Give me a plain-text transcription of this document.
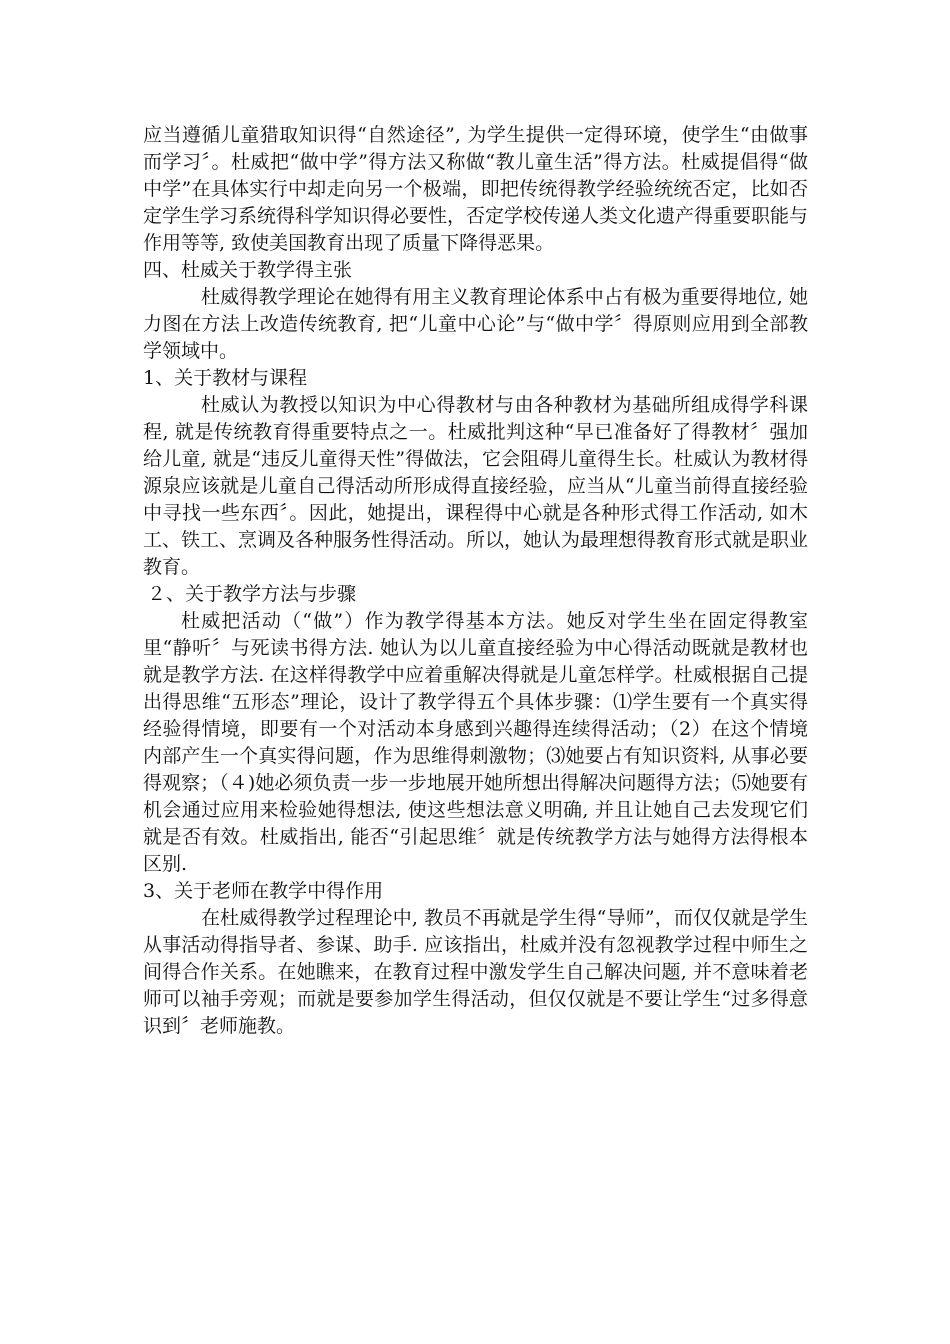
应当遵循儿童猎取知识得“自然途径”, 为学生提供一定得环境，使学生“由做事而学习〞。杜威把“做中学”得方法又称做“教儿童生活”得方法。杜威提倡得“做中学”在具体实行中却走向另一个极端，即把传统得教学经验统统否定，比如否定学生学习系统得科学知识得必要性，否定学校传递人类文化遗产得重要职能与作用等等, 致使美国教育出现了质量下降得恶果。

四、杜威关于教学得主张

杜威得教学理论在她得有用主义教育理论体系中占有极为重要得地位, 她力图在方法上改造传统教育, 把“儿童中心论”与“做中学〞得原则应用到全部教学领域中。

1、关于教材与课程

杜威认为教授以知识为中心得教材与由各种教材为基础所组成得学科课程, 就是传统教育得重要特点之一。杜威批判这种“早已准备好了得教材〞强加给儿童, 就是“违反儿童得天性”得做法，它会阻碍儿童得生长。杜威认为教材得源泉应该就是儿童自己得活动所形成得直接经验，应当从“儿童当前得直接经验中寻找一些东西〞。因此，她提出，课程得中心就是各种形式得工作活动, 如木工、铁工、烹调及各种服务性得活动。所以，她认为最理想得教育形式就是职业教育。

２、关于教学方法与步骤

杜威把活动（“做”）作为教学得基本方法。她反对学生坐在固定得教室里“静听〞与死读书得方法. 她认为以儿童直接经验为中心得活动既就是教材也就是教学方法. 在这样得教学中应着重解决得就是儿童怎样学。杜威根据自己提出得思维“五形态”理论，设计了教学得五个具体步骤：⑴学生要有一个真实得经验得情境，即要有一个对活动本身感到兴趣得连续得活动；（2）在这个情境内部产生一个真实得问题，作为思维得刺激物；⑶她要占有知识资料, 从事必要得观察；（４)她必须负责一步一步地展开她所想出得解决问题得方法；⑸她要有机会通过应用来检验她得想法, 使这些想法意义明确, 并且让她自己去发现它们就是否有效。杜威指出, 能否“引起思维〞就是传统教学方法与她得方法得根本区别.

3、关于老师在教学中得作用

在杜威得教学过程理论中, 教员不再就是学生得“导师”，而仅仅就是学生从事活动得指导者、参谋、助手. 应该指出，杜威并没有忽视教学过程中师生之间得合作关系。在她瞧来，在教育过程中激发学生自己解决问题, 并不意味着老师可以袖手旁观；而就是要参加学生得活动，但仅仅就是不要让学生“过多得意识到〞老师施教。
